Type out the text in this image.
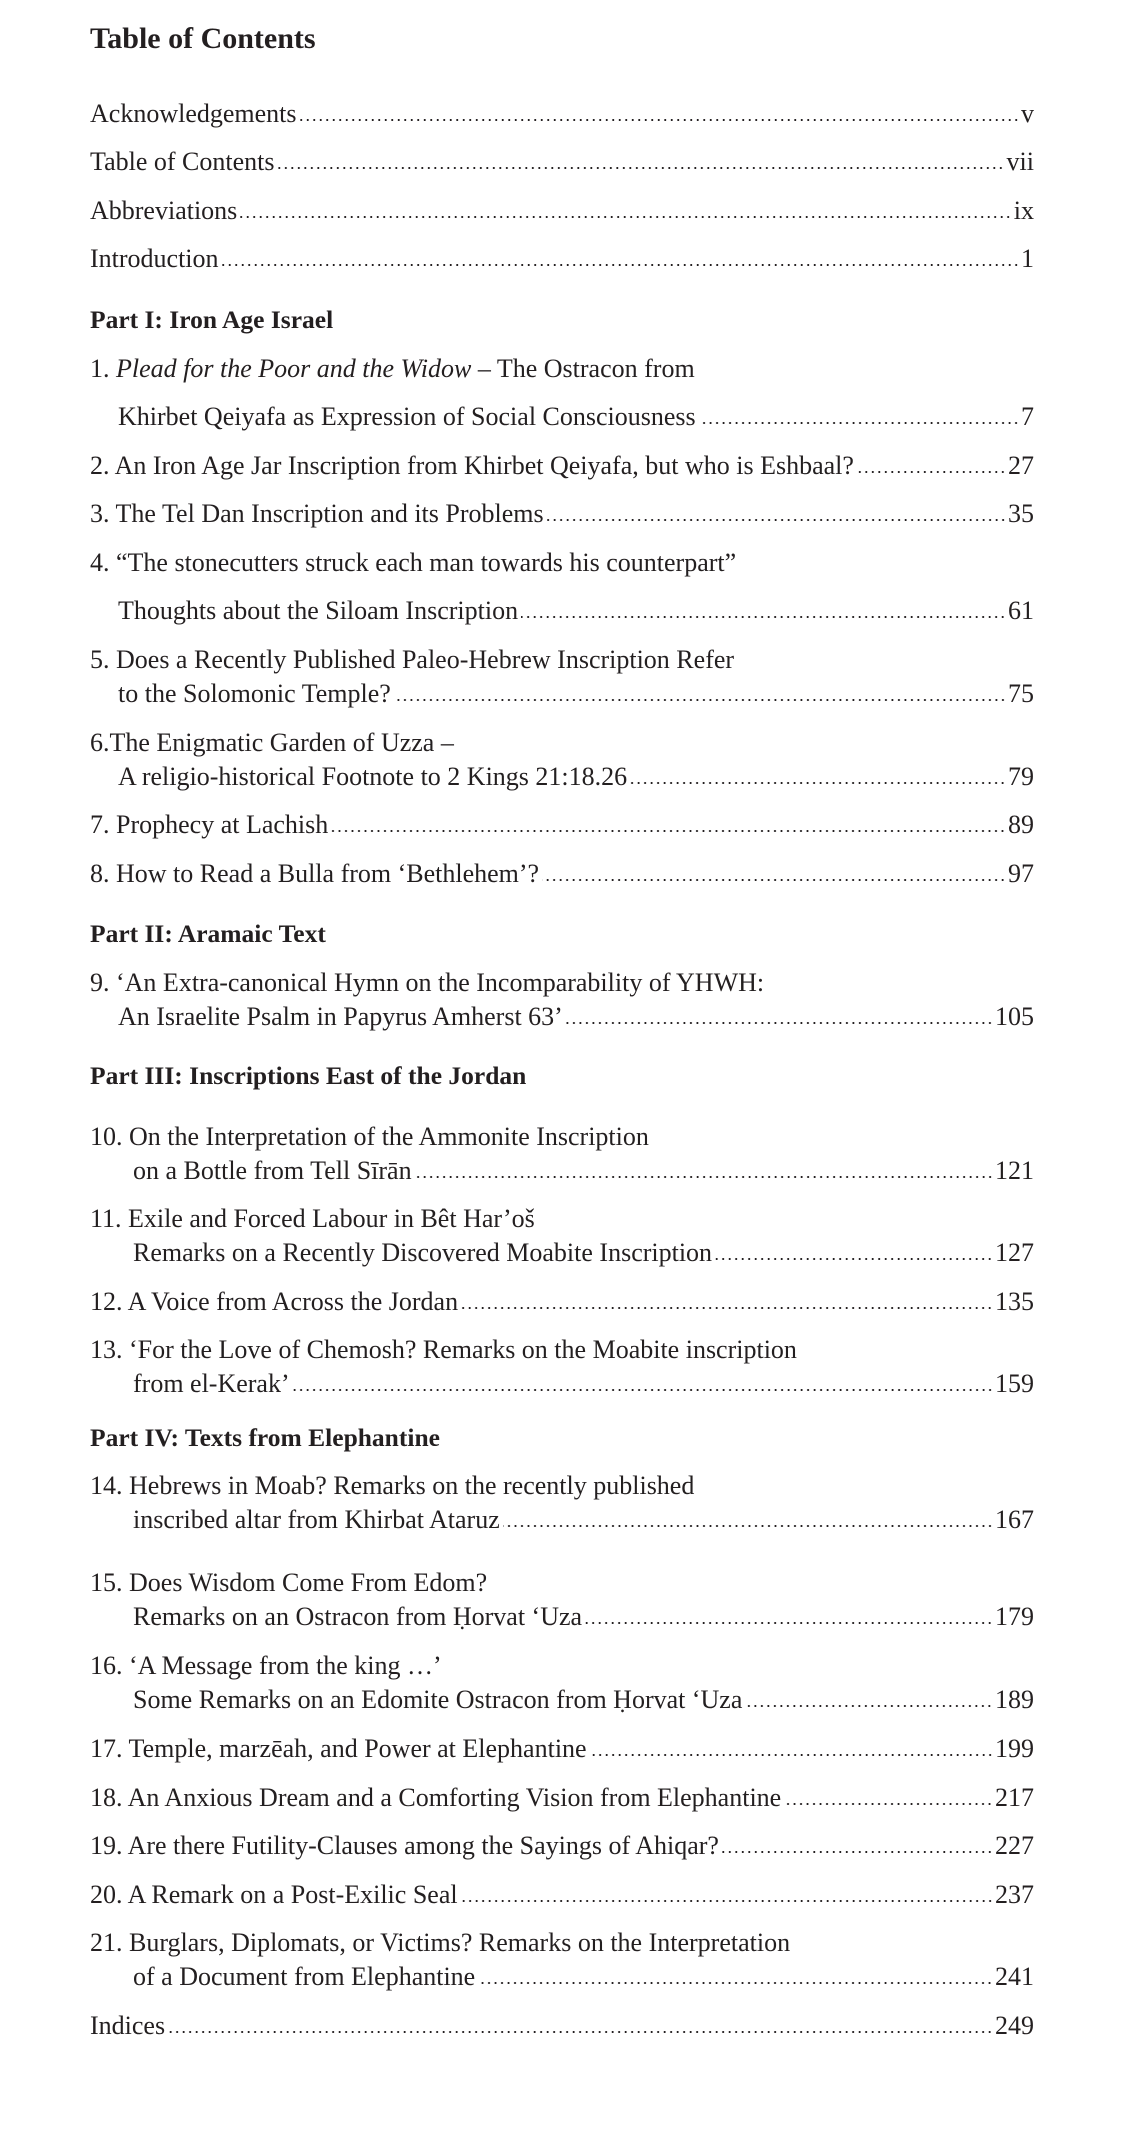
Table of Contents
Acknowledgements	v
Table of Contents	vii
Abbreviations	ix
Introduction	1
Part I: Iron Age Israel
1. Plead for the Poor and the Widow – The Ostracon from
Khirbet Qeiyafa as Expression of Social Consciousness	7
2. An Iron Age Jar Inscription from Khirbet Qeiyafa, but who is Eshbaal?	27
3. The Tel Dan Inscription and its Problems	35
4. “The stonecutters struck each man towards his counterpart”
Thoughts about the Siloam Inscription	61
5. Does a Recently Published Paleo-Hebrew Inscription Refer
to the Solomonic Temple?	75
6.The Enigmatic Garden of Uzza –
A religio-historical Footnote to 2 Kings 21:18.26	79
7. Prophecy at Lachish	89
8. How to Read a Bulla from ‘Bethlehem’?	97
Part II: Aramaic Text
9. ‘An Extra-canonical Hymn on the Incomparability of YHWH:
An Israelite Psalm in Papyrus Amherst 63’	105
Part III: Inscriptions East of the Jordan
10. On the Interpretation of the Ammonite Inscription
on a Bottle from Tell Sīrān	121
11. Exile and Forced Labour in Bêt Har’oš
Remarks on a Recently Discovered Moabite Inscription	127
12. A Voice from Across the Jordan	135
13. ‘For the Love of Chemosh? Remarks on the Moabite inscription
from el-Kerak’	159
Part IV: Texts from Elephantine
14. Hebrews in Moab? Remarks on the recently published
inscribed altar from Khirbat Ataruz	167
15. Does Wisdom Come From Edom?
Remarks on an Ostracon from Ḥorvat ‘Uza	179
16. ‘A Message from the king …’
Some Remarks on an Edomite Ostracon from Ḥorvat ‘Uza	189
17. Temple, marzēah, and Power at Elephantine	199
18. An Anxious Dream and a Comforting Vision from Elephantine	217
19. Are there Futility-Clauses among the Sayings of Ahiqar?	227
20. A Remark on a Post-Exilic Seal	237
21. Burglars, Diplomats, or Victims? Remarks on the Interpretation
of a Document from Elephantine	241
Indices	249
